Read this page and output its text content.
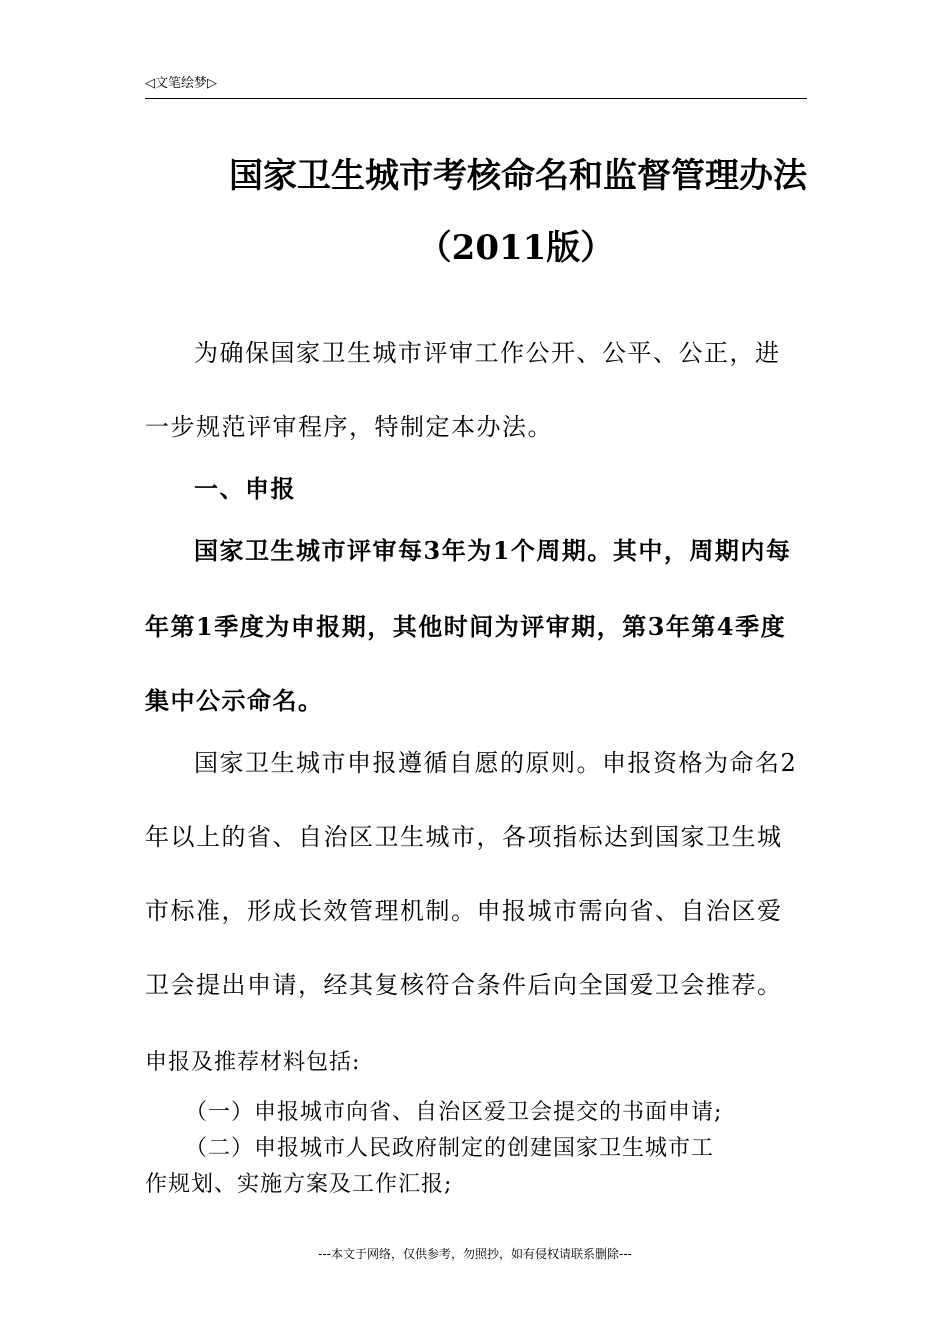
◁文笔绘梦▷
国家卫生城市考核命名和监督管理办法
（2011版）
为确保国家卫生城市评审工作公开、公平、公正，进
一步规范评审程序，特制定本办法。
一、申报
国家卫生城市评审每3年为1个周期。其中，周期内每
年第1季度为申报期，其他时间为评审期，第3年第4季度
集中公示命名。
国家卫生城市申报遵循自愿的原则。申报资格为命名2
年以上的省、自治区卫生城市，各项指标达到国家卫生城
市标准，形成长效管理机制。申报城市需向省、自治区爱
卫会提出申请，经其复核符合条件后向全国爱卫会推荐。
申报及推荐材料包括:
（一）申报城市向省、自治区爱卫会提交的书面申请;
（二）申报城市人民政府制定的创建国家卫生城市工
作规划、实施方案及工作汇报;
---本文于网络，仅供参考，勿照抄，如有侵权请联系删除---
